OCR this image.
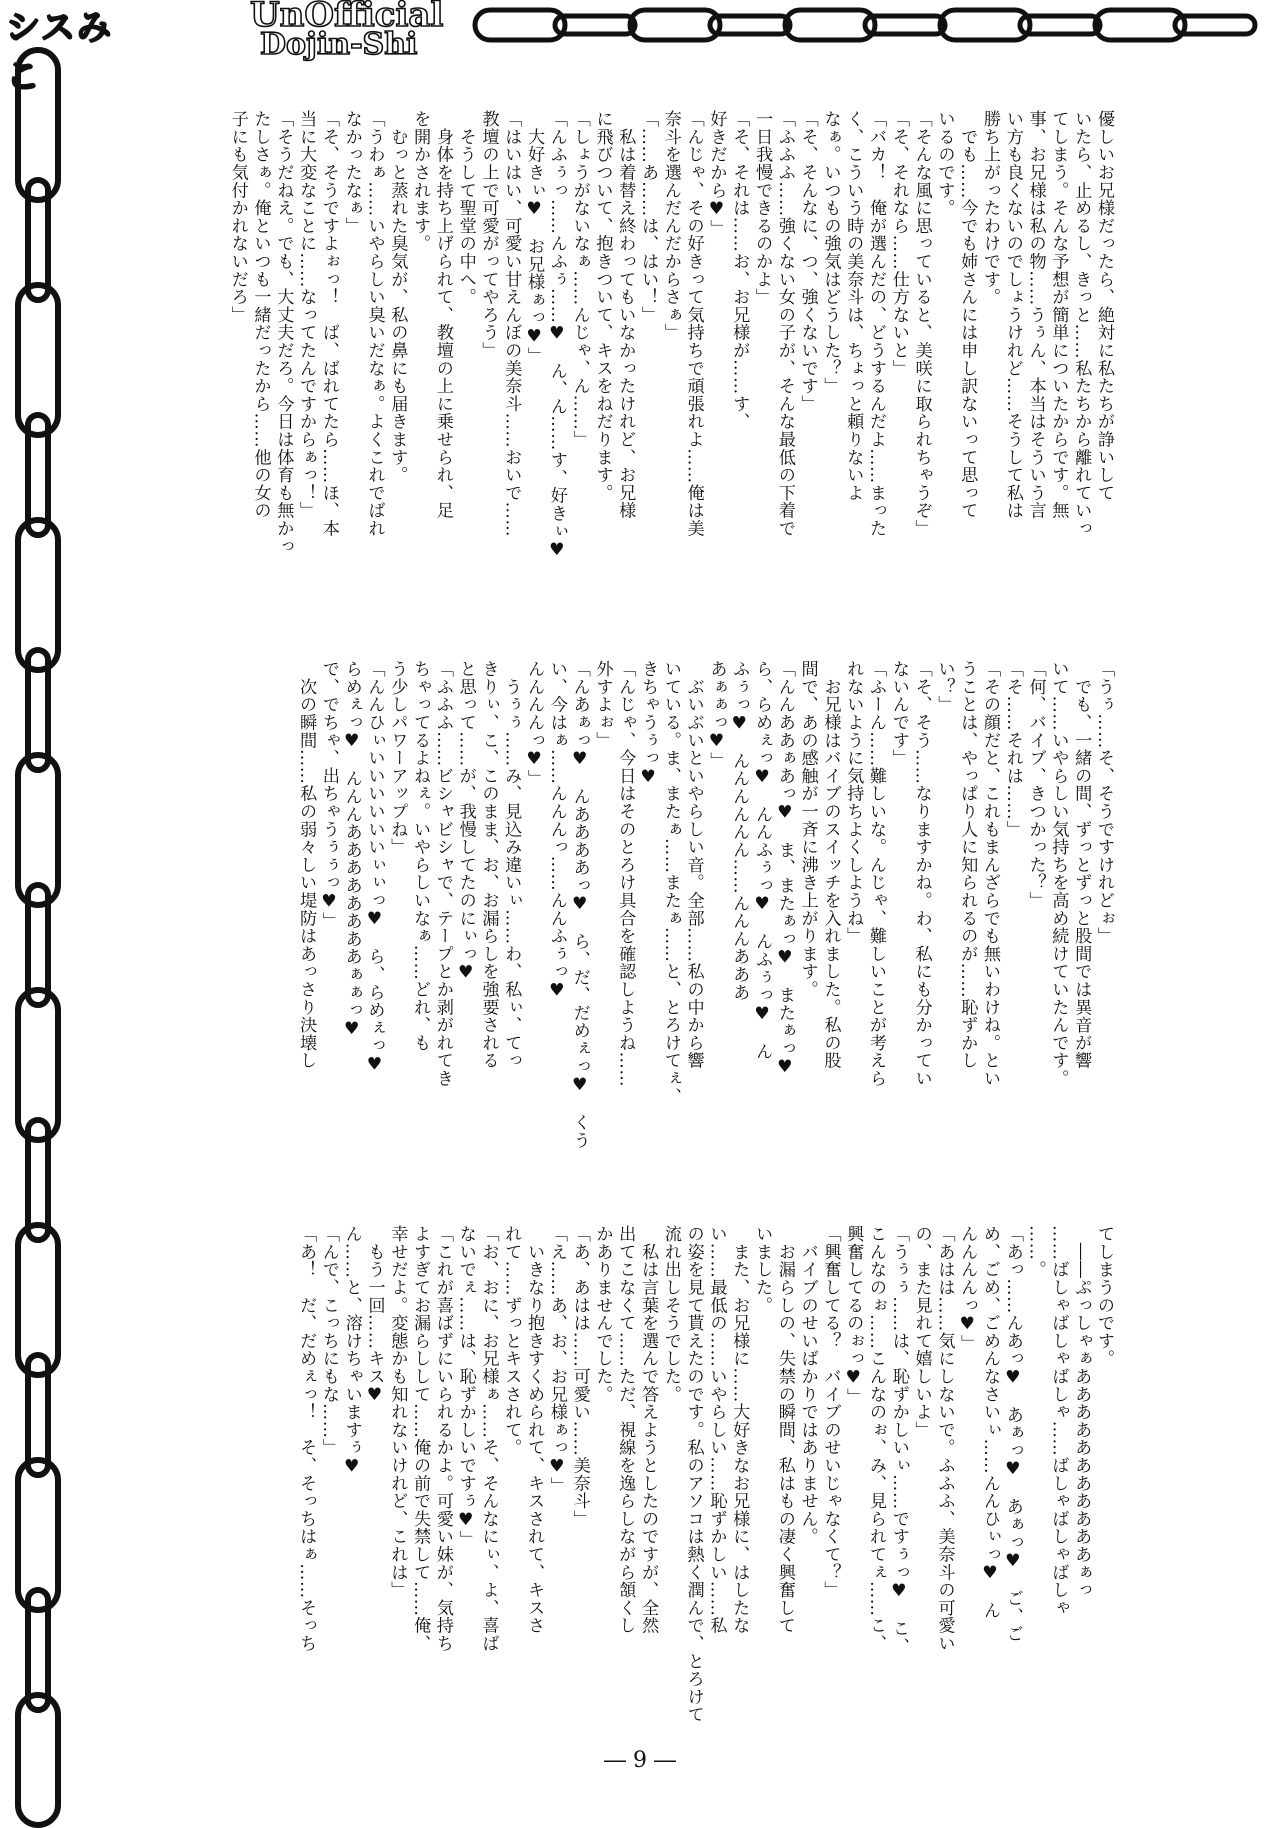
シスみこ
UnOfficial
Dojin-Shi
優しいお兄様だったら、絶対に私たちが諍いして
いたら、止めるし、きっと……私たちから離れていっ
てしまう。そんな予想が簡単についたからです。無
事、お兄様は私の物……うぅん、本当はそういう言
い方も良くないのでしょうけれど……そうして私は
勝ち上がったわけです。
　でも……今でも姉さんには申し訳ないって思って
いるのです。
「そんな風に思っていると、美咲に取られちゃうぞ」
「そ、それなら……仕方ないと」
「バカ！　俺が選んだの、どうするんだよ……まった
く、こういう時の美奈斗は、ちょっと頼りないよ
なぁ。いつもの強気はどうした？」
「そ、そんなに、つ、強くないです」
「ふふふ……強くない女の子が、そんな最低の下着で
一日我慢できるのかよ」
「そ、それは……お、お兄様が……す、
好きだから♥」
「んじゃ、その好きって気持ちで頑張れよ……俺は美
奈斗を選んだんだからさぁ」
「……あ……は、はい！」
　私は着替え終わってもいなかったけれど、お兄様
に飛びついて、抱きついて、キスをねだります。
「しょうがないなぁ……んじゃ、ん……」
「んふぅっ……んふぅ……♥　ん、ん……す、好きぃ♥
　大好きぃ♥　お兄様ぁっ♥」
「はいはい、可愛い甘えんぼの美奈斗……おいで……
教壇の上で可愛がってやろう」
　そうして聖堂の中へ。
　身体を持ち上げられて、教壇の上に乗せられ、足
を開かされます。
　むっと蒸れた臭気が、私の鼻にも届きます。
「うわぁ……いやらしい臭いだなぁ。よくこれでばれ
なかったなぁ」
「そ、そうですよぉっ！　ば、ばれてたら……ほ、本
当に大変なことに……なってたんですからぁっ！」
「そうだねえ。でも、大丈夫だろ。今日は体育も無かっ
たしさぁ。俺といつも一緒だったから……他の女の
子にも気付かれないだろ」
「うぅ……そ、そうですけれどぉ」
　でも、一緒の間、ずっとずっと股間では異音が響
いて……いやらしい気持ちを高め続けていたんです。
「何、バイブ、きつかった？」
「そ……それは……」
「その顔だと、これもまんざらでも無いわけね。とい
うことは、やっぱり人に知られるのが……恥ずかし
い？」
「そ、そう……なりますかね。わ、私にも分かってい
ないんです」
「ふーん……難しいな。んじゃ、難しいことが考えら
れないように気持ちよくしようね」
　お兄様はバイブのスイッチを入れました。私の股
間で、あの感触が一斉に沸き上がります。
「んんああぁあっ♥　ま、またぁっ♥　またぁっ♥
ら、らめぇっ♥　んんふぅっ♥　んふぅっ♥　ん
ふぅっ♥　んんんんんん……んんんあああ
あぁぁっ♥」
　ぶいぶいといやらしい音。全部……私の中から響
いている。ま、またぁ……またぁ……と、とろけてぇ、
きちゃうぅっ♥
「んじゃ、今日はそのとろけ具合を確認しようね……
外すよぉ」
「んあぁっ♥　んああああっ♥　ら、だ、だめぇっ♥　くう
い、今はぁ……んんんっ……んんふぅっ♥
んんんんっ♥」
　うぅぅ……み、見込み違いぃ……わ、私ぃ、てっ
きりぃ、こ、このまま、お、お漏らしを強要される
と思って……が、我慢してたのにぃっ♥
「ふふふ……ビシャビシャで、テープとか剥がれてき
ちゃってるよねぇ。いやらしいなぁ……どれ、も
う少しパワーアップね」
「んんひぃいいいいいいぃぃっ♥　ら、らめぇっ♥
らめぇっ♥　んんんああああああああぁぁっ♥
で、でちゃ、出ちゃうぅぅっ♥」
　次の瞬間……私の弱々しい堤防はあっさり決壊し
てしまうのです。
　――ぷっしゃぁあああああああああああぁっ
……ばしゃばしゃばしゃ……ばしゃばしゃばしゃ
……。
「あっ……んあっ♥　あぁっ♥　あぁっ♥　ご、ご
め、ごめ、ごめんなさいぃ……んんひぃっ♥　ん
んんんんっ♥」
「あはは……気にしないで。ふふふ、美奈斗の可愛い
の、また見れて嬉しいよ」
「うぅぅ……は、恥ずかしいぃ……ですぅっ♥　こ、
こんなのぉ……こんなのぉ、み、見られてぇ……こ、
興奮してるのぉっ♥」
「興奮してる？　バイブのせいじゃなくて？」
　バイブのせいばかりではありません。
　お漏らしの、失禁の瞬間、私はもの凄く興奮して
いました。
　また、お兄様に……大好きなお兄様に、はしたな
い……最低の……いやらしい……恥ずかしい……私
の姿を見て貰えたのです。私のアソコは熱く潤んで、とろけて
流れ出しそうでした。
　私は言葉を選んで答えようとしたのですが、全然
出てこなくて……ただ、視線を逸らしながら頷くし
かありませんでした。
「あ、あはは……可愛い……美奈斗」
「え……あ、お、お兄様ぁっ♥」
　いきなり抱きすくめられて、キスされて、キスさ
れて……ずっとキスされて。
「お、おに、お兄様ぁ……そ、そんなにぃ、よ、喜ば
ないでぇ……は、恥ずかしいですぅ♥」
「これが喜ばずにいられるかよ。可愛い妹が、気持ち
よすぎてお漏らしして……俺の前で失禁して……俺、
幸せだよ。変態かも知れないけれど、これは」
　もう一回……キス♥
ん……と、溶けちゃいますぅ♥
「んで、こっちにもな……」
「あ！　だ、だめぇっ！　そ、そっちはぁ……そっち
― 9 ―
